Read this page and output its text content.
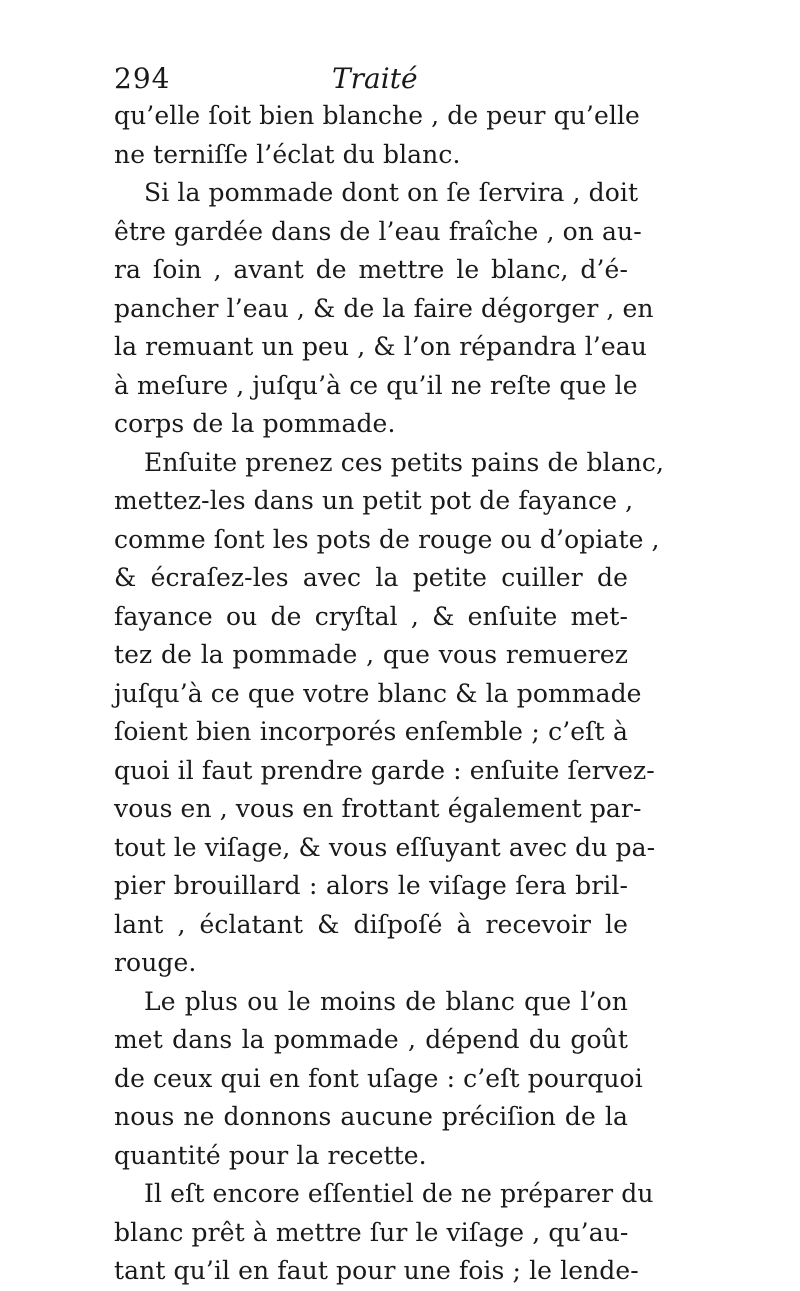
294	Traité
qu’elle ſoit bien blanche , de peur qu’elle
ne terniſſe l’éclat du blanc.
Si la pommade dont on ſe ſervira , doit
être gardée dans de l’eau fraîche , on au-
ra ſoin , avant de mettre le blanc, d’é-
pancher l’eau , & de la faire dégorger , en
la remuant un peu , & l’on répandra l’eau
à meſure , juſqu’à ce qu’il ne reſte que le
corps de la pommade.
Enſuite prenez ces petits pains de blanc,
mettez-les dans un petit pot de fayance ,
comme ſont les pots de rouge ou d’opiate ,
& écraſez-les avec la petite cuiller de
fayance ou de cryſtal , & enſuite met-
tez de la pommade , que vous remuerez
juſqu’à ce que votre blanc & la pommade
ſoient bien incorporés enſemble ; c’eſt à
quoi il faut prendre garde : enſuite ſervez-
vous en , vous en frottant également par-
tout le viſage, & vous eſſuyant avec du pa-
pier brouillard : alors le viſage ſera bril-
lant , éclatant & diſpoſé à recevoir le
rouge.
Le plus ou le moins de blanc que l’on
met dans la pommade , dépend du goût
de ceux qui en font uſage : c’eſt pourquoi
nous ne donnons aucune préciſion de la
quantité pour la recette.
Il eſt encore eſſentiel de ne préparer du
blanc prêt à mettre ſur le viſage , qu’au-
tant qu’il en faut pour une fois ; le lende-
